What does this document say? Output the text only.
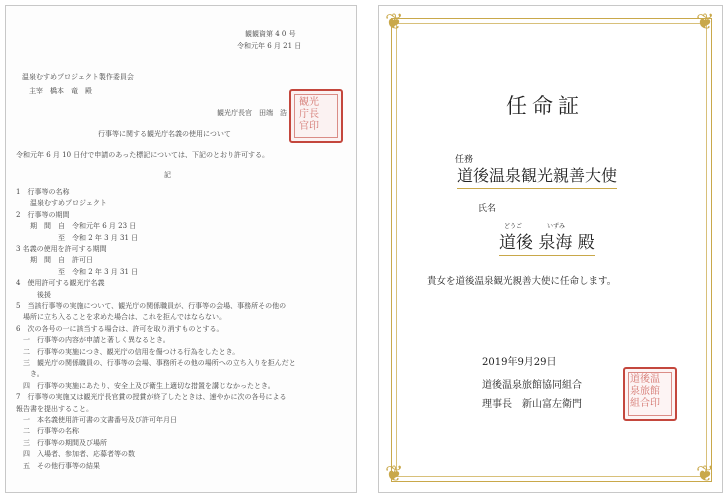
観観資第 4 0 号
令和元年 6 月 21 日
温泉むすめプロジェクト製作委員会
主宰　橋本　竜　殿
観光庁長官　田端　浩
観光
庁長
官印
行事等に関する観光庁名義の使用について
令和元年 6 月 10 日付で申請のあった標記については、下記のとおり許可する。
記
1　行事等の名称
　　温泉むすめプロジェクト
2　行事等の期間
　　期　間　自　令和元年 6 月 23 日
　　　　　　至　令和 2 年 3 月 31 日
3 名義の使用を許可する期間
　　期　間　自　許可日
　　　　　　至　令和 2 年 3 月 31 日
4　使用許可する観光庁名義
　　　後援
5　当該行事等の実施について、観光庁の関係職員が、行事等の会場、事務所その他の
　場所に立ち入ることを求めた場合は、これを拒んではならない。
6　次の各号の一に該当する場合は、許可を取り消すものとする。
　一　行事等の内容が申請と著しく異なるとき。
　二　行事等の実施につき、観光庁の信用を傷つける行為をしたとき。
　三　観光庁の関係職員の、行事等の会場、事務所その他の場所への立ち入りを拒んだと
　　き。
　四　行事等の実施にあたり、安全上及び衛生上適切な措置を講じなかったとき。
7　行事等の実施又は観光庁長官賞の授賞が終了したときは、速やかに次の各号による
報告書を提出すること。
　一　本名義使用許可書の文書番号及び許可年月日
　二　行事等の名称
　三　行事等の期間及び場所
　四　入場者、参加者、応募者等の数
　五　その他行事等の結果
❦	❦
❦	❦
任命証
任務
道後温泉観光親善大使
氏名
どうご	いずみ
道後 泉海 殿
貴女を道後温泉観光親善大使に任命します。
2019年9月29日
道後温泉旅館協同組合
理事長　新山富左衛門
道後温
泉旅館
組合印
